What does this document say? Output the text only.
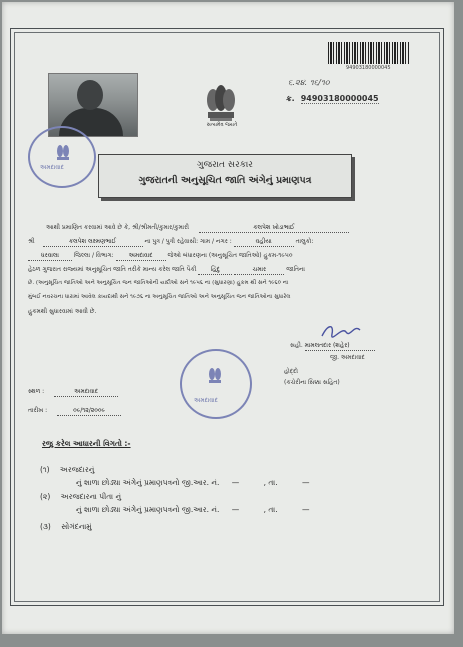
94903180000045
સત્યમેવ જયતે
૬.૨૪. ૧૬/૧૦
ક્ર. 94903180000045
અમદાવાદ	ગુજરાત સરકાર
ગુજરાતની અનુસૂચિત જાતિ અંગેનું પ્રમાણપત્ર
આથી પ્રમાણિત કરવામાં આવે છે કે, શ્રી/શ્રીમતી/કુમાર/કુમારી	કલપેશ ખોડાભાઈ
શ્રી	કલપેશ લક્ષ્મણભાઈ	ના પુત્ર / પુત્રી રહેવાસી: ગામ / નગર :	વહીયા	તાલુકો:
ધરવાલા જિલ્લા / વિભાગ: અમદાવાદ જેઓ બંધારણના (અનુસૂચિત જાતિઓ) હુકમ-૧૯૫૦
હેઠળ ગુજરાત રાજ્યમાં અનુસૂચિત જાતિ તરીકે માન્ય કરેલ જાતિ પૈકી હિંદુ	ચમાર	જાતિના
છે. (અનુસૂચિત જાતિઓ અને અનુસૂચિત જન જાતિઓની યાદીઓ સને ૧૯૫૬ ના (સુધારણા) હુકમ થી સને ૧૯૬૦ ના
મુંબઈ નવરચના ધારામાં આવેલ કાયદાથી સને ૧૯૭૬ ના અનુસૂચિત જાતિઓ અને અનુસૂચિત જન જાતિઓના સુધારેલ
હુકમથી સુધારવામાં આવી છે.
સહી. મામલતદાર (શહેર)
જી. અમદાવાદ
હોદ્દો
(કચેરીના સિક્કા સહિત)
અમદાવાદ
સ્થળ :	અમદાવાદ
તારીખ :	૦૯/૧૨/૨૦૦૯
રજુ કરેલ આધારની વિગતો :-
(૧) અરજદારનું
નું શાળા છોડ્યા અંગેનું પ્રમાણપત્રનો જી.આર. નં. —	, તા.	—
(૨) અરજદારના પીતા નું
નું શાળા છોડ્યા અંગેનું પ્રમાણપત્રનો જી.આર. નં. —	, તા.	—
(૩) સોગંદનામું
